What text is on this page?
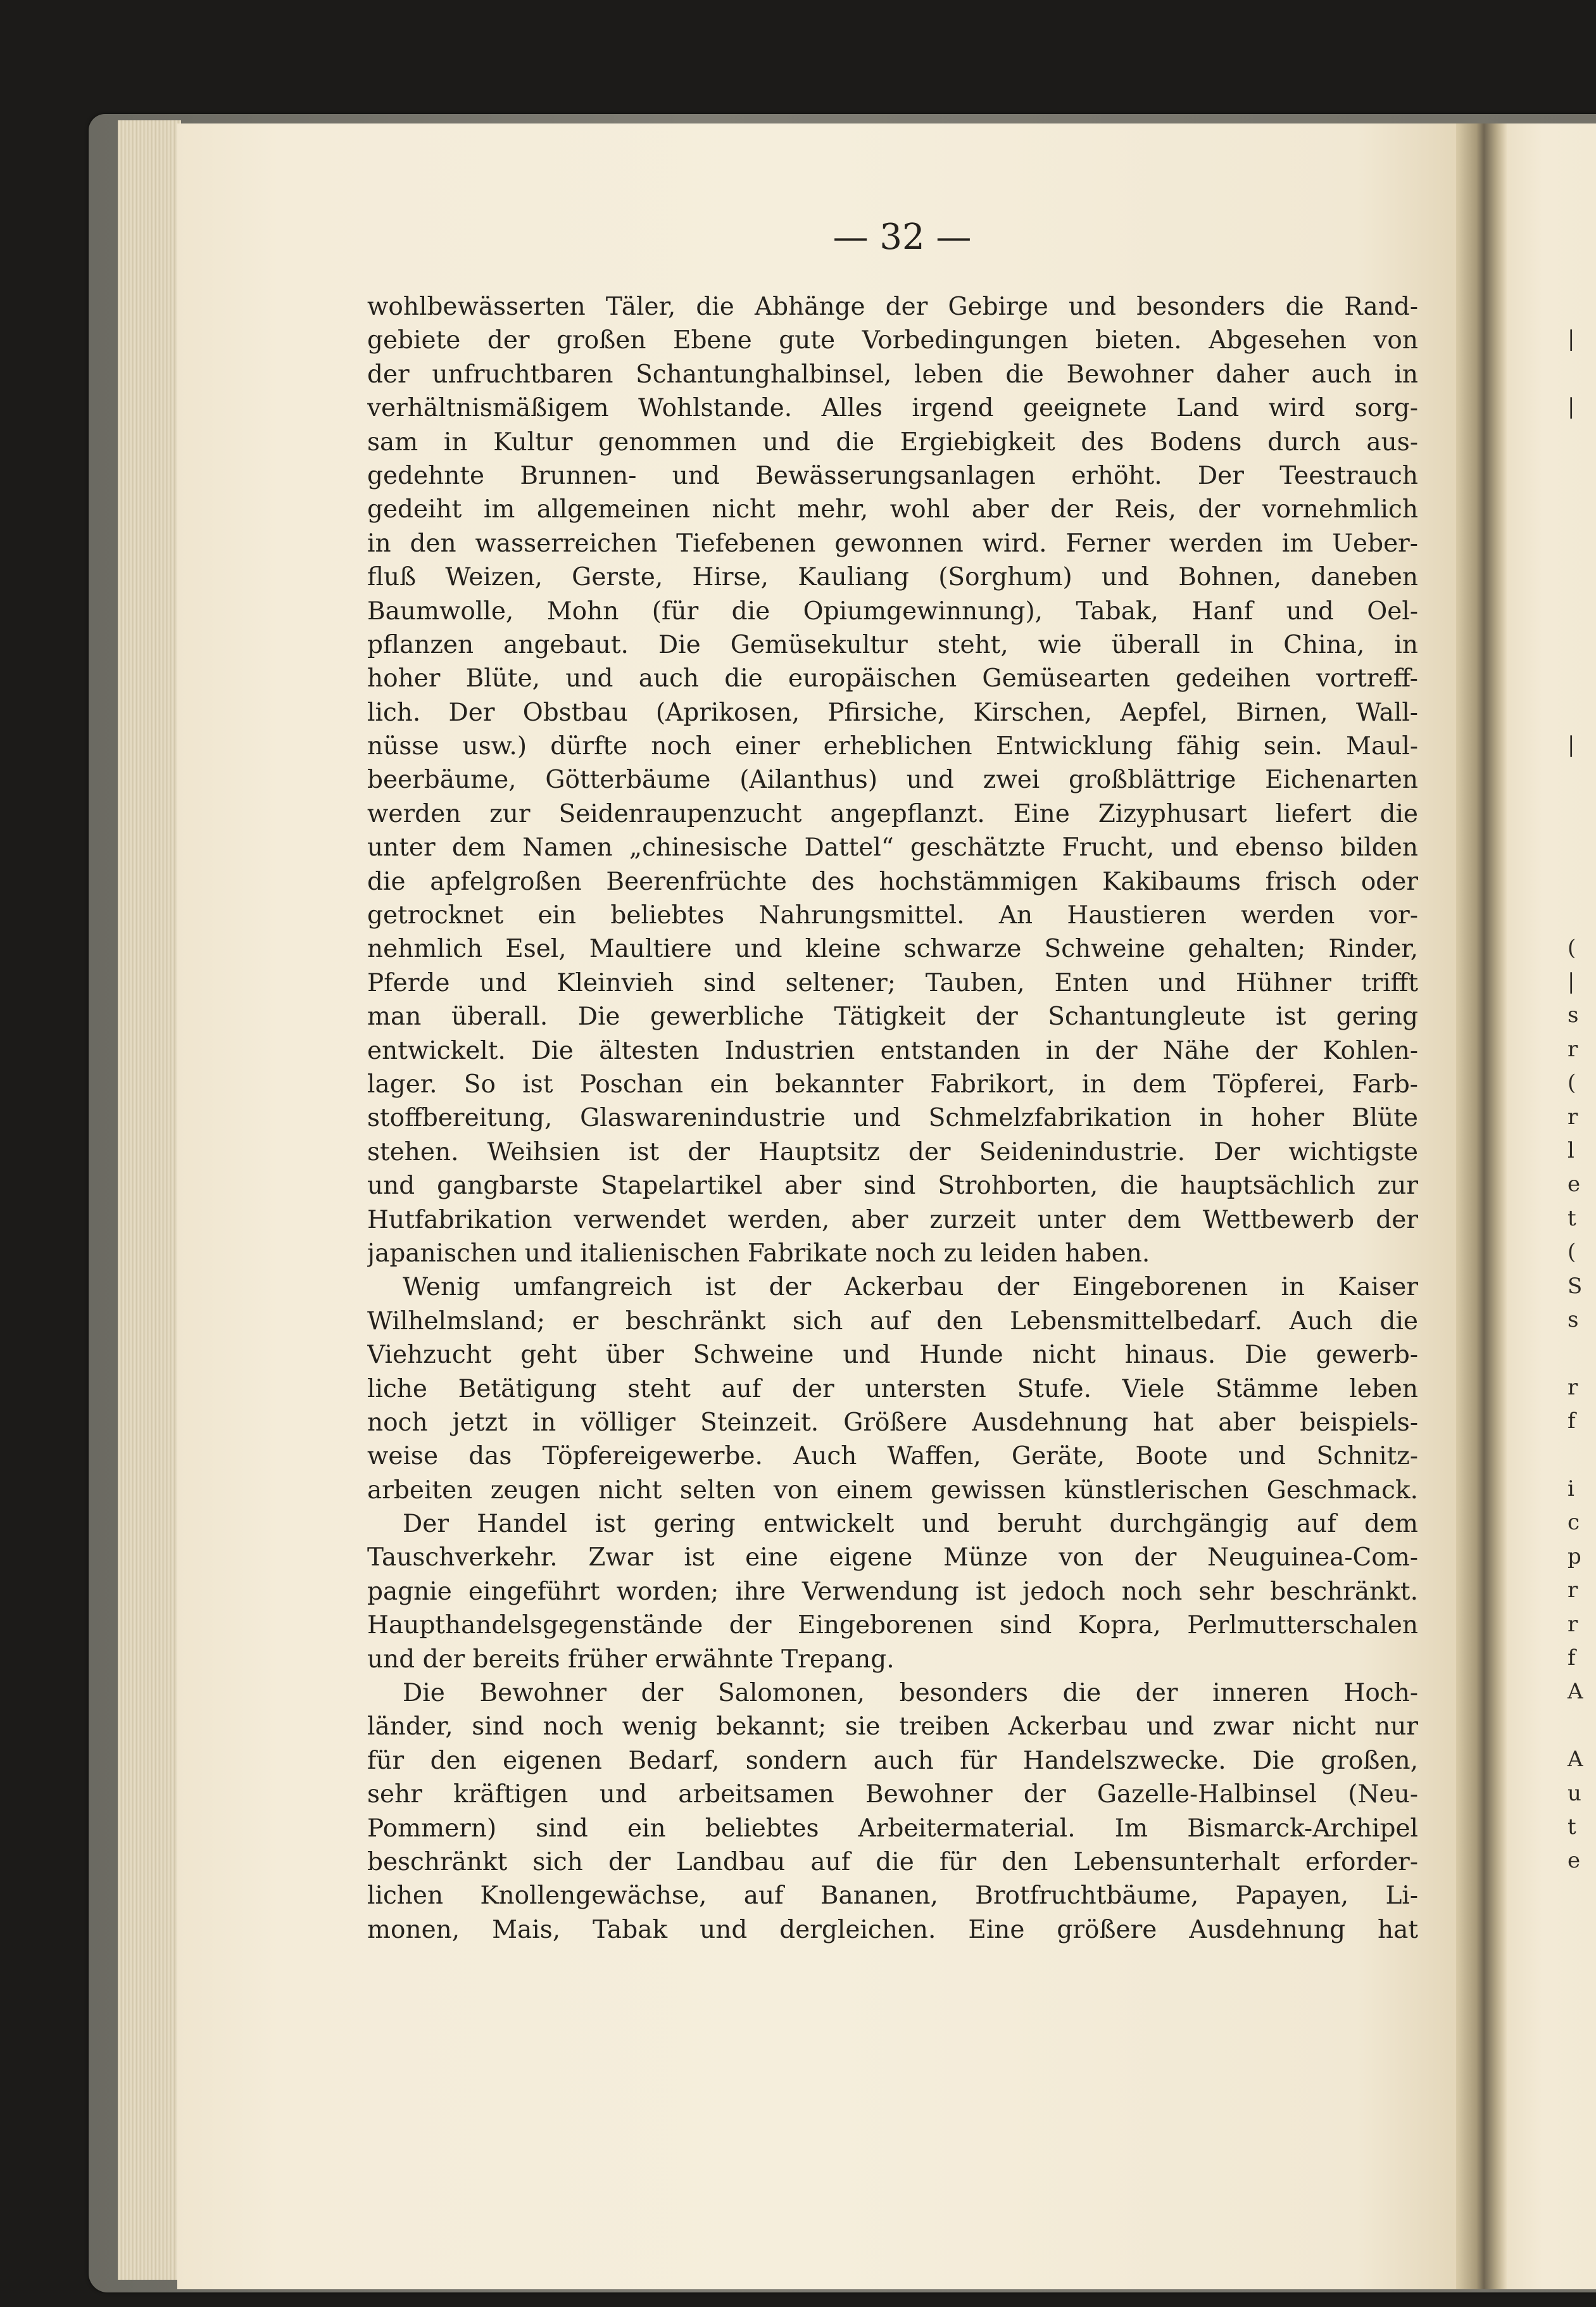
|
|
|
(
|
s
r
(
r
l
e
t
(
S
s
r
f
i
c
p
r
r
f
A
A
u
t
e
— 32 —
wohlbewässerten Täler, die Abhänge der Gebirge und besonders die Rand-
gebiete der großen Ebene gute Vorbedingungen bieten. Abgesehen von
der unfruchtbaren Schantunghalbinsel, leben die Bewohner daher auch in
verhältnismäßigem Wohlstande. Alles irgend geeignete Land wird sorg-
sam in Kultur genommen und die Ergiebigkeit des Bodens durch aus-
gedehnte Brunnen- und Bewässerungsanlagen erhöht. Der Teestrauch
gedeiht im allgemeinen nicht mehr, wohl aber der Reis, der vornehmlich
in den wasserreichen Tiefebenen gewonnen wird. Ferner werden im Ueber-
fluß Weizen, Gerste, Hirse, Kauliang (Sorghum) und Bohnen, daneben
Baumwolle, Mohn (für die Opiumgewinnung), Tabak, Hanf und Oel-
pflanzen angebaut. Die Gemüsekultur steht, wie überall in China, in
hoher Blüte, und auch die europäischen Gemüsearten gedeihen vortreff-
lich. Der Obstbau (Aprikosen, Pfirsiche, Kirschen, Aepfel, Birnen, Wall-
nüsse usw.) dürfte noch einer erheblichen Entwicklung fähig sein. Maul-
beerbäume, Götterbäume (Ailanthus) und zwei großblättrige Eichenarten
werden zur Seidenraupenzucht angepflanzt. Eine Zizyphusart liefert die
unter dem Namen „chinesische Dattel“ geschätzte Frucht, und ebenso bilden
die apfelgroßen Beerenfrüchte des hochstämmigen Kakibaums frisch oder
getrocknet ein beliebtes Nahrungsmittel. An Haustieren werden vor-
nehmlich Esel, Maultiere und kleine schwarze Schweine gehalten; Rinder,
Pferde und Kleinvieh sind seltener; Tauben, Enten und Hühner trifft
man überall. Die gewerbliche Tätigkeit der Schantungleute ist gering
entwickelt. Die ältesten Industrien entstanden in der Nähe der Kohlen-
lager. So ist Poschan ein bekannter Fabrikort, in dem Töpferei, Farb-
stoffbereitung, Glaswarenindustrie und Schmelzfabrikation in hoher Blüte
stehen. Weihsien ist der Hauptsitz der Seidenindustrie. Der wichtigste
und gangbarste Stapelartikel aber sind Strohborten, die hauptsächlich zur
Hutfabrikation verwendet werden, aber zurzeit unter dem Wettbewerb der
japanischen und italienischen Fabrikate noch zu leiden haben.
Wenig umfangreich ist der Ackerbau der Eingeborenen in Kaiser
Wilhelmsland; er beschränkt sich auf den Lebensmittelbedarf. Auch die
Viehzucht geht über Schweine und Hunde nicht hinaus. Die gewerb-
liche Betätigung steht auf der untersten Stufe. Viele Stämme leben
noch jetzt in völliger Steinzeit. Größere Ausdehnung hat aber beispiels-
weise das Töpfereigewerbe. Auch Waffen, Geräte, Boote und Schnitz-
arbeiten zeugen nicht selten von einem gewissen künstlerischen Geschmack.
Der Handel ist gering entwickelt und beruht durchgängig auf dem
Tauschverkehr. Zwar ist eine eigene Münze von der Neuguinea-Com-
pagnie eingeführt worden; ihre Verwendung ist jedoch noch sehr beschränkt.
Haupthandelsgegenstände der Eingeborenen sind Kopra, Perlmutterschalen
und der bereits früher erwähnte Trepang.
Die Bewohner der Salomonen, besonders die der inneren Hoch-
länder, sind noch wenig bekannt; sie treiben Ackerbau und zwar nicht nur
für den eigenen Bedarf, sondern auch für Handelszwecke. Die großen,
sehr kräftigen und arbeitsamen Bewohner der Gazelle-Halbinsel (Neu-
Pommern) sind ein beliebtes Arbeitermaterial. Im Bismarck-Archipel
beschränkt sich der Landbau auf die für den Lebensunterhalt erforder-
lichen Knollengewächse, auf Bananen, Brotfruchtbäume, Papayen, Li-
monen, Mais, Tabak und dergleichen. Eine größere Ausdehnung hat
